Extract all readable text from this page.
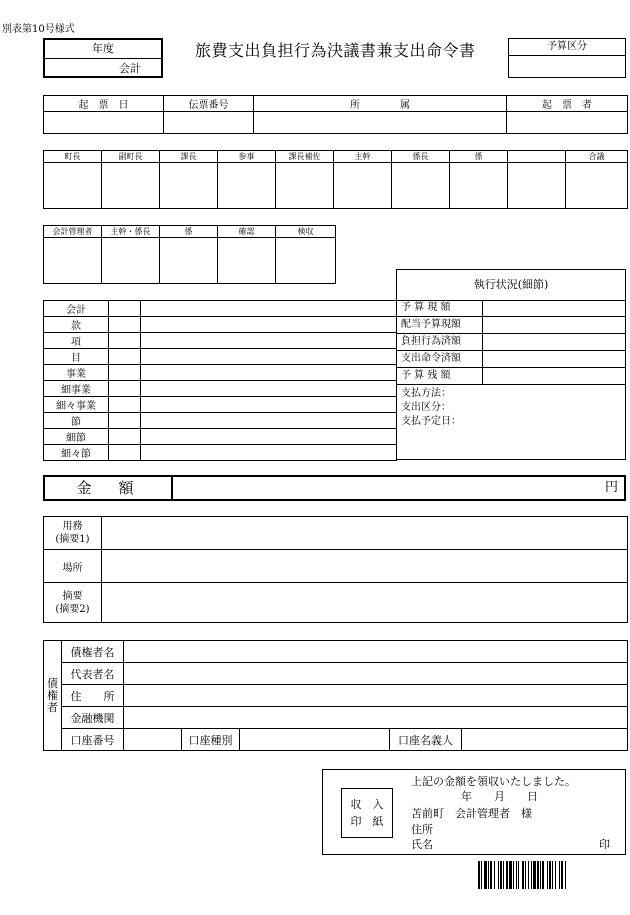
別表第10号様式
年度
会計
旅費支出負担行為決議書兼支出命令書	予算区分
起　票　日	伝票番号	所　　　　属	起　票　者

町長	副町長	課長	参事	課長補佐	主幹	係長	係		合議

会計管理者	主幹・係長	係	確認	検収

会計		
款		
項		
目		
事業		
細事業		
細々事業		
節		
細節		
細々節		
執行状況(細節)
予 算 現 額
配当予算現額
負担行為済額
支出命令済額
予 算 残 額
支払方法：
支出区分：
支払予定日：
金　額	円
用務
(摘要1)	

場所	

摘要
(摘要2)	

債権者	債権者名					
	代表者名					
	住　　所					
	金融機関					
	口座番号		口座種別		口座名義人	
収　入
印　紙
上記の金額を領収いたしました。
年　　月　　日
苫前町　会計管理者　様
住所
氏名	印
